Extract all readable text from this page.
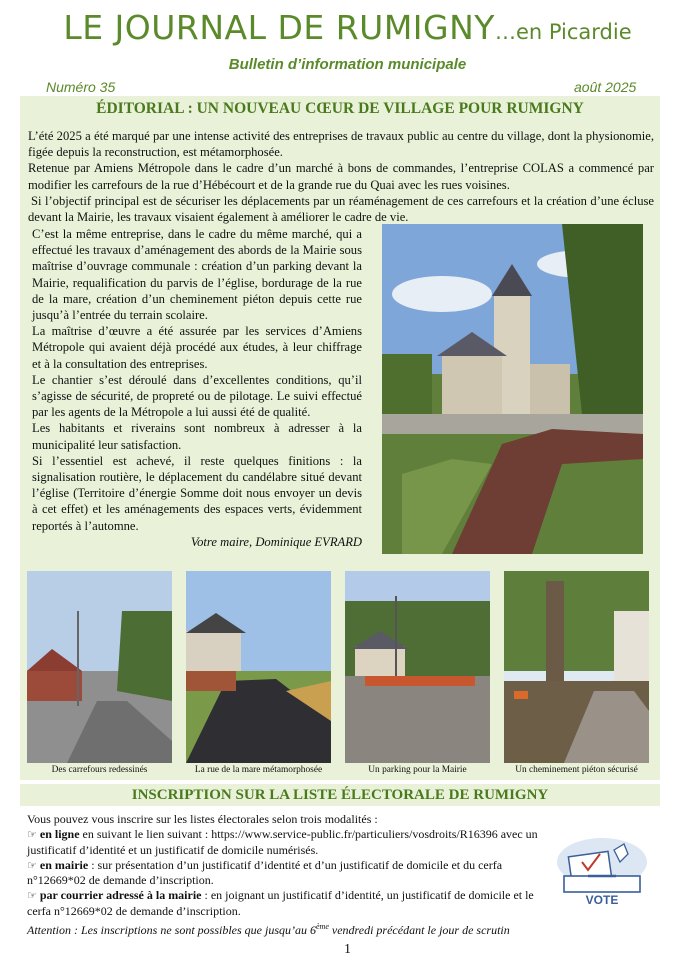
LE JOURNAL DE RUMIGNY…en Picardie
Bulletin d’information municipale
Numéro 35	août 2025
ÉDITORIAL : UN NOUVEAU CŒUR DE VILLAGE POUR RUMIGNY

L’été 2025 a été marqué par une intense activité des entreprises de travaux public au centre du village, dont la physionomie, figée depuis la reconstruction, est métamorphosée.

Retenue par Amiens Métropole dans le cadre d’un marché à bons de commandes, l’entreprise COLAS a commencé par modifier les carrefours de la rue d’Hébécourt et de la grande rue du Quai avec les rues voisines.

Si l’objectif principal est de sécuriser les déplacements par un réaménagement de ces carrefours et la création d’une écluse devant la Mairie, les travaux visaient également à améliorer le cadre de vie.

C’est la même entreprise, dans le cadre du même marché, qui a effectué les travaux d’aménagement des abords de la Mairie sous maîtrise d’ouvrage communale : création d’un parking devant la Mairie, requalification du parvis de l’église, bordurage de la rue de la mare, création d’un cheminement piéton depuis cette rue jusqu’à l’entrée du terrain scolaire.

La maîtrise d’œuvre a été assurée par les services d’Amiens Métropole qui avaient déjà procédé aux études, à leur chiffrage et à la consultation des entreprises.

Le chantier s’est déroulé dans d’excellentes conditions, qu’il s’agisse de sécurité, de propreté ou de pilotage. Le suivi effectué par les agents de la Métropole a lui aussi été de qualité.

Les habitants et riverains sont nombreux à adresser à la municipalité leur satisfaction.

Si l’essentiel est achevé, il reste quelques finitions : la signalisation routière, le déplacement du candélabre situé devant l’église (Territoire d’énergie Somme doit nous envoyer un devis à cet effet) et les aménagements des espaces verts, évidemment reportés à l’automne.

Votre maire, Dominique EVRARD

Des carrefours redessinés	La rue de la mare métamorphosée	Un parking pour la Mairie	Un cheminement piéton sécurisé
INSCRIPTION SUR LA LISTE ÉLECTORALE DE RUMIGNY

Vous pouvez vous inscrire sur les listes électorales selon trois modalités :

☞ en ligne en suivant le lien suivant : https://www.service-public.fr/particuliers/vosdroits/R16396 avec un justificatif d’identité et un justificatif de domicile numérisés.

☞ en mairie : sur présentation d’un justificatif d’identité et d’un justificatif de domicile et du cerfa n°12669*02 de demande d’inscription.

☞ par courrier adressé à la mairie : en joignant un justificatif d’identité, un justificatif de domicile et le cerfa n°12669*02 de demande d’inscription.

Attention : Les inscriptions ne sont possibles que jusqu’au 6ème vendredi précédant le jour de scrutin

VOTE
1
